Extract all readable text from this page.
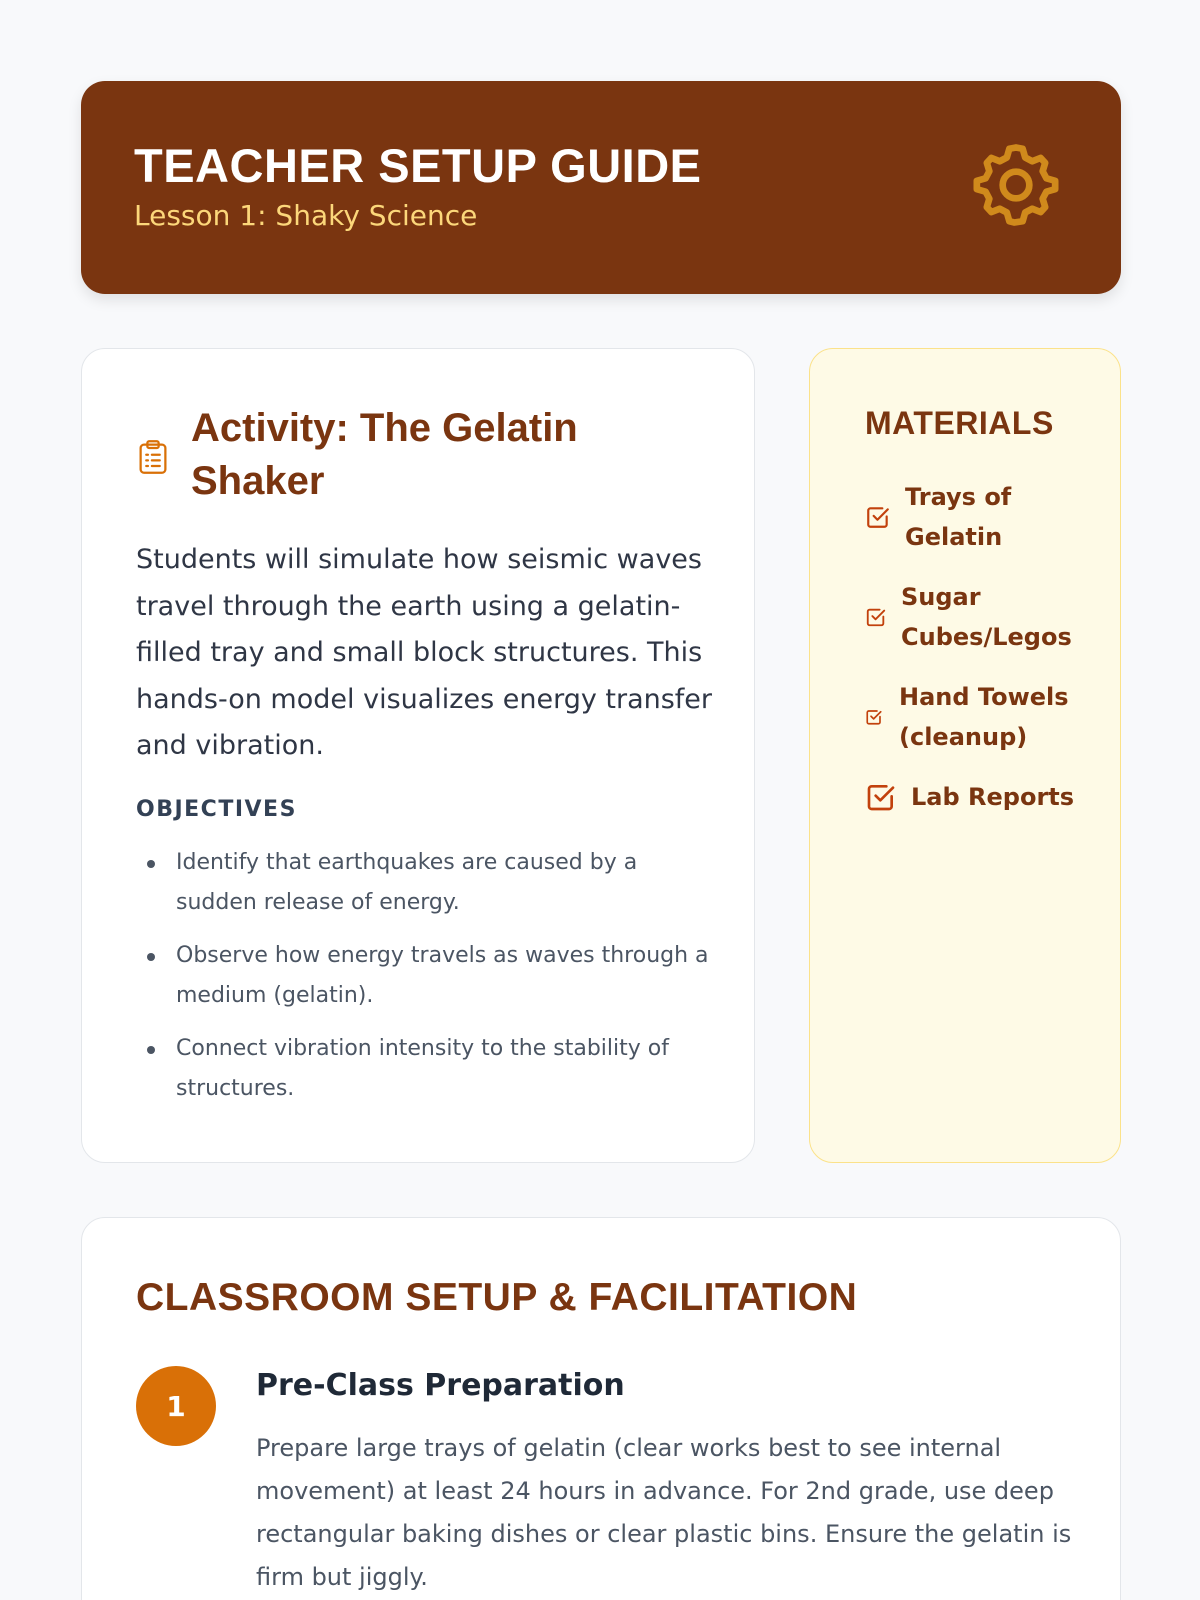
TEACHER SETUP GUIDE
Lesson 1: Shaky Science
Activity: The Gelatin Shaker

Students will simulate how seismic waves travel through the earth using a gelatin-filled tray and small block structures. This hands-on model visualizes energy transfer and vibration.

OBJECTIVES
Identify that earthquakes are caused by a sudden release of energy.
Observe how energy travels as waves through a medium (gelatin).
Connect vibration intensity to the stability of structures.
MATERIALS
Trays of Gelatin
Sugar Cubes/Legos
Hand Towels (cleanup)
Lab Reports
CLASSROOM SETUP & FACILITATION
1
Pre-Class Preparation

Prepare large trays of gelatin (clear works best to see internal movement) at least 24 hours in advance. For 2nd grade, use deep rectangular baking dishes or clear plastic bins. Ensure the gelatin is firm but jiggly.
